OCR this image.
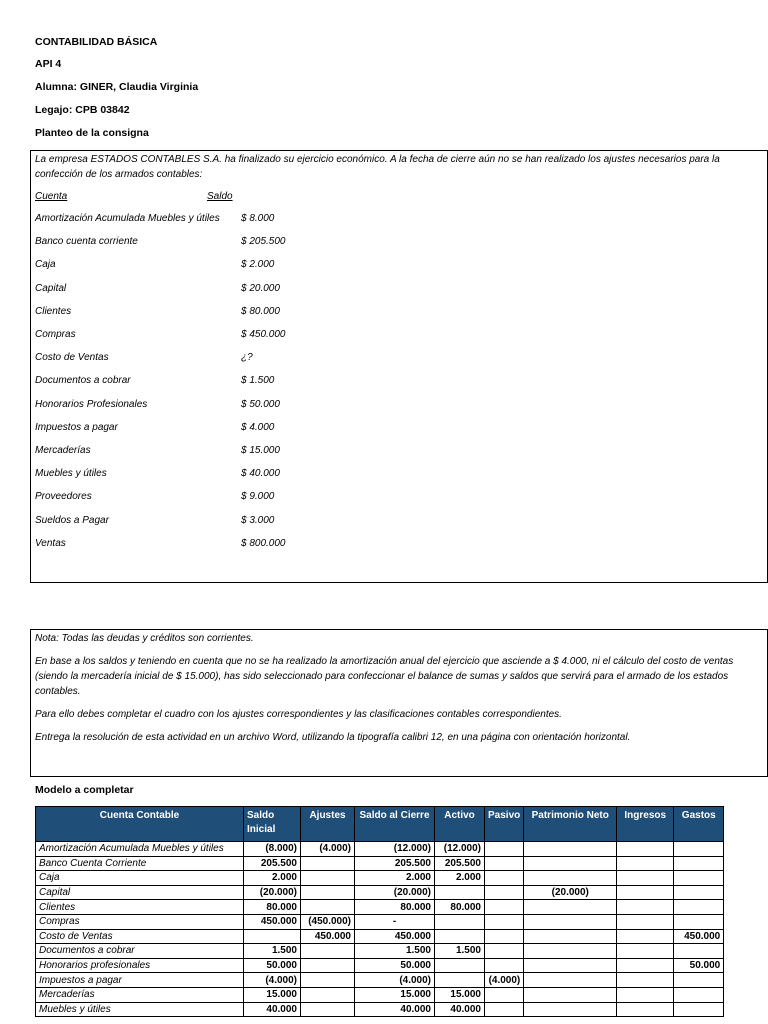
CONTABILIDAD BÁSICA
API 4
Alumna: GINER, Claudia Virginia
Legajo: CPB 03842
Planteo de la consigna
La empresa ESTADOS CONTABLES S.A. ha finalizado su ejercicio económico. A la fecha de cierre aún no se han realizado los ajustes necesarios para la confección de los armados contables:
Cuenta	Saldo
Amortización Acumulada Muebles y útiles $ 8.000
Banco cuenta corriente	$ 205.500
Caja	$ 2.000
Capital	$ 20.000
Clientes	$ 80.000
Compras	$ 450.000
Costo de Ventas	¿?
Documentos a cobrar	$ 1.500
Honorarios Profesionales	$ 50.000
Impuestos a pagar	$ 4.000
Mercaderías	$ 15.000
Muebles y útiles	$ 40.000
Proveedores	$ 9.000
Sueldos a Pagar	$ 3.000
Ventas	$ 800.000
Nota: Todas las deudas y créditos son corrientes.
En base a los saldos y teniendo en cuenta que no se ha realizado la amortización anual del ejercicio que asciende a $ 4.000, ni el cálculo del costo de ventas (siendo la mercadería inicial de $ 15.000), has sido seleccionado para confeccionar el balance de sumas y saldos que servirá para el armado de los estados contables.
Para ello debes completar el cuadro con los ajustes correspondientes y las clasificaciones contables correspondientes.
Entrega la resolución de esta actividad en un archivo Word, utilizando la tipografía calibri 12, en una página con orientación horizontal.
Modelo a completar
Cuenta Contable	Saldo Inicial	Ajustes	Saldo al Cierre	Activo	Pasivo	Patrimonio Neto	Ingresos	Gastos
Amortización Acumulada Muebles y útiles	(8.000)	(4.000)	(12.000)	(12.000)				
Banco Cuenta Corriente	205.500		205.500	205.500				
Caja	2.000		2.000	2.000				
Capital	(20.000)		(20.000)			(20.000)		
Clientes	80.000		80.000	80.000				
Compras	450.000	(450.000)	-					
Costo de Ventas		450.000	450.000					450.000
Documentos a cobrar	1.500		1.500	1.500				
Honorarios profesionales	50.000		50.000					50.000
Impuestos a pagar	(4.000)		(4.000)		(4.000)			
Mercaderías	15.000		15.000	15.000				
Muebles y útiles	40.000		40.000	40.000				
